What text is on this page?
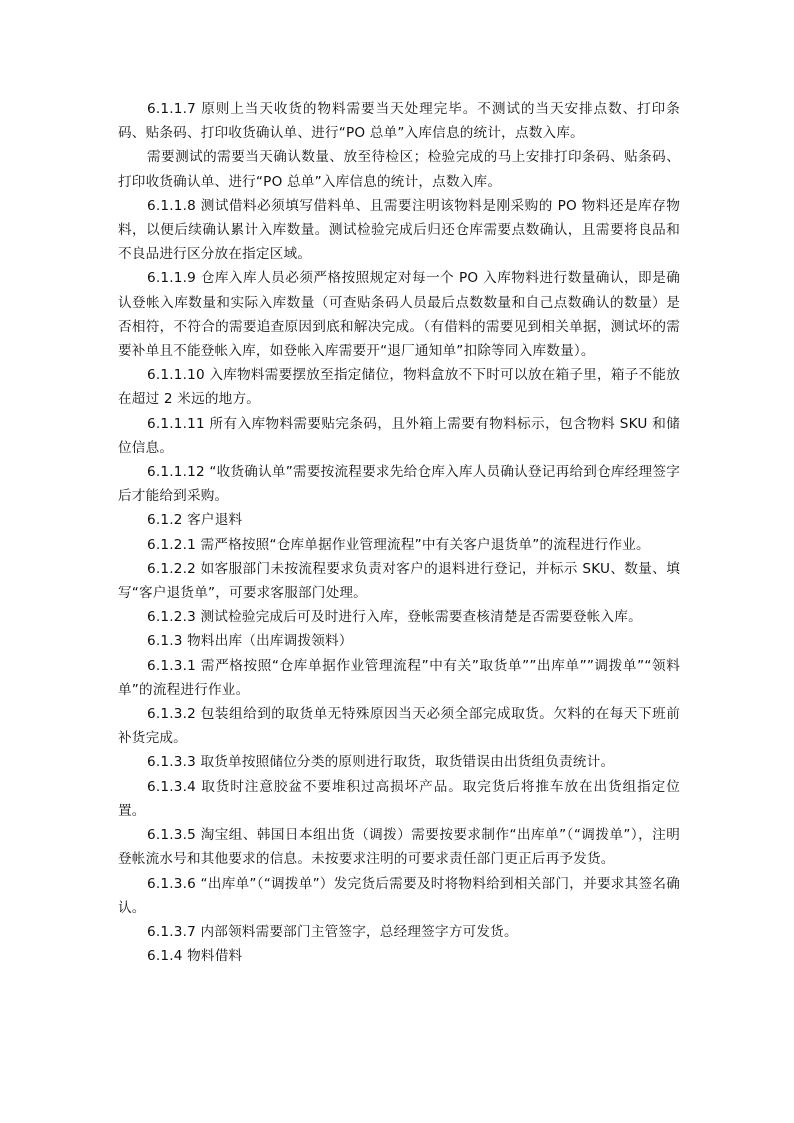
6.1.1.7 原则上当天收货的物料需要当天处理完毕。不测试的当天安排点数、打印条码、贴条码、打印收货确认单、进行“PO 总单”入库信息的统计，点数入库。

需要测试的需要当天确认数量、放至待检区；检验完成的马上安排打印条码、贴条码、打印收货确认单、进行“PO 总单”入库信息的统计，点数入库。

6.1.1.8 测试借料必须填写借料单、且需要注明该物料是刚采购的 PO 物料还是库存物料，以便后续确认累计入库数量。测试检验完成后归还仓库需要点数确认，且需要将良品和不良品进行区分放在指定区域。

6.1.1.9 仓库入库人员必须严格按照规定对每一个 PO 入库物料进行数量确认，即是确认登帐入库数量和实际入库数量（可查贴条码人员最后点数数量和自己点数确认的数量）是否相符，不符合的需要追查原因到底和解决完成。（有借料的需要见到相关单据，测试坏的需要补单且不能登帐入库，如登帐入库需要开“退厂通知单”扣除等同入库数量）。

6.1.1.10 入库物料需要摆放至指定储位，物料盒放不下时可以放在箱子里，箱子不能放在超过 2 米远的地方。

6.1.1.11 所有入库物料需要贴完条码，且外箱上需要有物料标示，包含物料 SKU 和储位信息。

6.1.1.12 “收货确认单”需要按流程要求先给仓库入库人员确认登记再给到仓库经理签字后才能给到采购。

6.1.2 客户退料

6.1.2.1 需严格按照“仓库单据作业管理流程”中有关客户退货单”的流程进行作业。

6.1.2.2 如客服部门未按流程要求负责对客户的退料进行登记，并标示 SKU、数量、填写“客户退货单”，可要求客服部门处理。

6.1.2.3 测试检验完成后可及时进行入库，登帐需要查核清楚是否需要登帐入库。

6.1.3 物料出库（出库调拨领料）

6.1.3.1 需严格按照“仓库单据作业管理流程”中有关”取货单””出库单””调拨单”“领料单”的流程进行作业。

6.1.3.2 包装组给到的取货单无特殊原因当天必须全部完成取货。欠料的在每天下班前补货完成。

6.1.3.3 取货单按照储位分类的原则进行取货，取货错误由出货组负责统计。

6.1.3.4 取货时注意胶盆不要堆积过高损坏产品。取完货后将推车放在出货组指定位置。

6.1.3.5 淘宝组、韩国日本组出货（调拨）需要按要求制作“出库单”（“调拨单”），注明登帐流水号和其他要求的信息。未按要求注明的可要求责任部门更正后再予发货。

6.1.3.6 “出库单”（“调拨单”）发完货后需要及时将物料给到相关部门，并要求其签名确认。

6.1.3.7 内部领料需要部门主管签字，总经理签字方可发货。

6.1.4 物料借料
